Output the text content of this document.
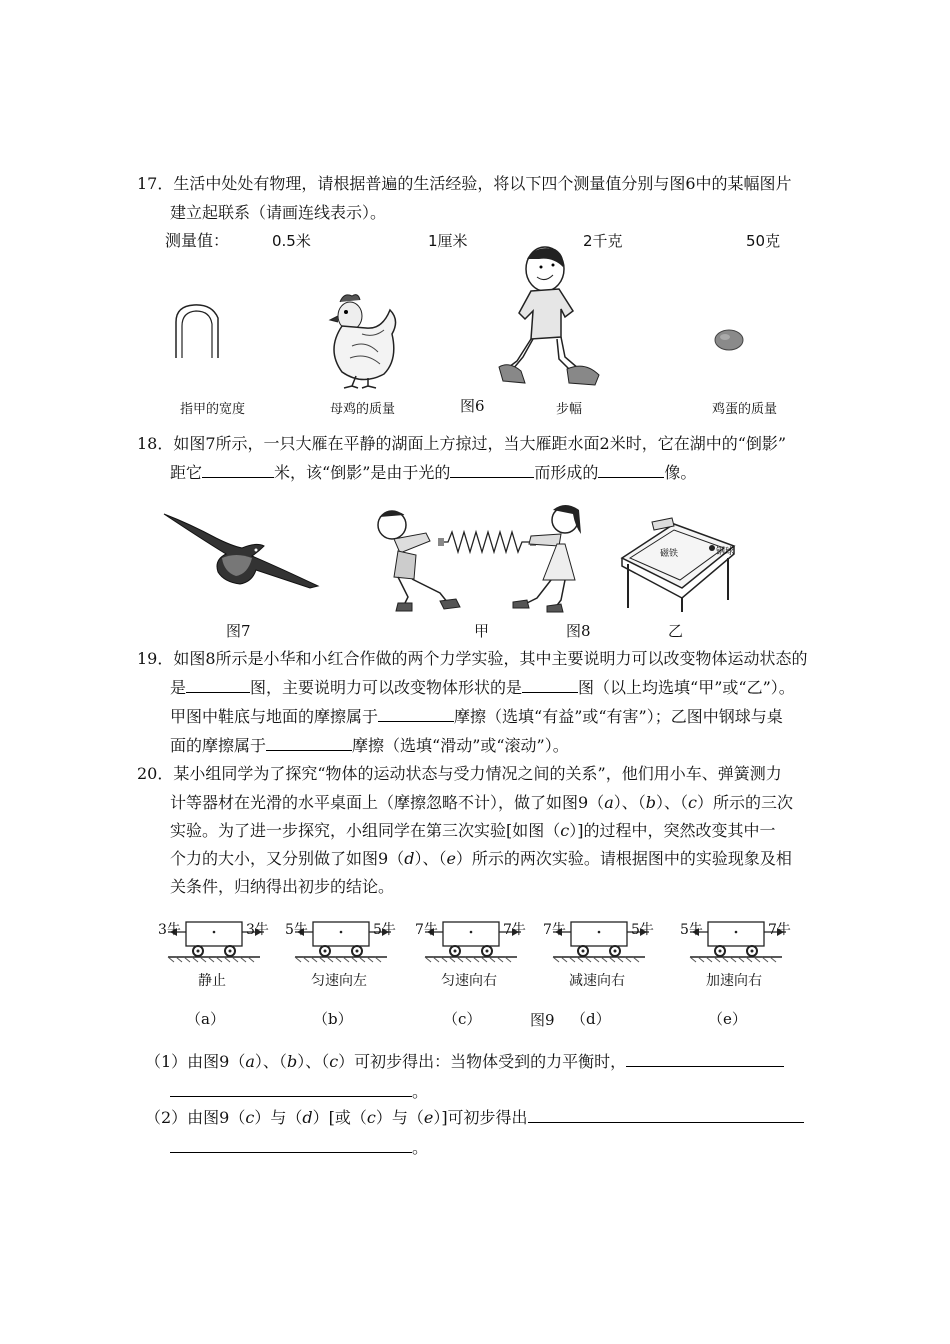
17．生活中处处有物理，请根据普遍的生活经验，将以下四个测量值分别与图6中的某幅图片
建立起联系（请画连线表示）。
测量值：	0.5米	1厘米	2千克	50克
指甲的宽度	母鸡的质量	图6	步幅	鸡蛋的质量
18．如图7所示，一只大雁在平静的湖面上方掠过，当大雁距水面2米时，它在湖中的“倒影”
距它	米，该“倒影”是由于光的	而形成的	像。
磁铁	钢球
图7	甲	图8	乙
19．如图8所示是小华和小红合作做的两个力学实验，其中主要说明力可以改变物体运动状态的
是	图，主要说明力可以改变物体形状的是	图（以上均选填“甲”或“乙”）。
甲图中鞋底与地面的摩擦属于	摩擦（选填“有益”或“有害”）；乙图中钢球与桌
面的摩擦属于	摩擦（选填“滑动”或“滚动”）。
20．某小组同学为了探究“物体的运动状态与受力情况之间的关系”，他们用小车、弹簧测力
计等器材在光滑的水平桌面上（摩擦忽略不计），做了如图9（a）、（b）、（c）所示的三次
实验。为了进一步探究，小组同学在第三次实验[如图（c）]的过程中，突然改变其中一
个力的大小，又分别做了如图9（d）、（e）所示的两次实验。请根据图中的实验现象及相
关条件，归纳得出初步的结论。
3牛	3牛
静止
（a）
5牛	5牛
匀速向左
（b）
7牛	7牛
匀速向右
（c）
7牛	5牛
减速向右
（d）
5牛	7牛
加速向右
（e）
图9
（1）由图9（a）、（b）、（c）可初步得出：当物体受到的力平衡时，
。
（2）由图9（c）与（d）[或（c）与（e）]可初步得出
。
